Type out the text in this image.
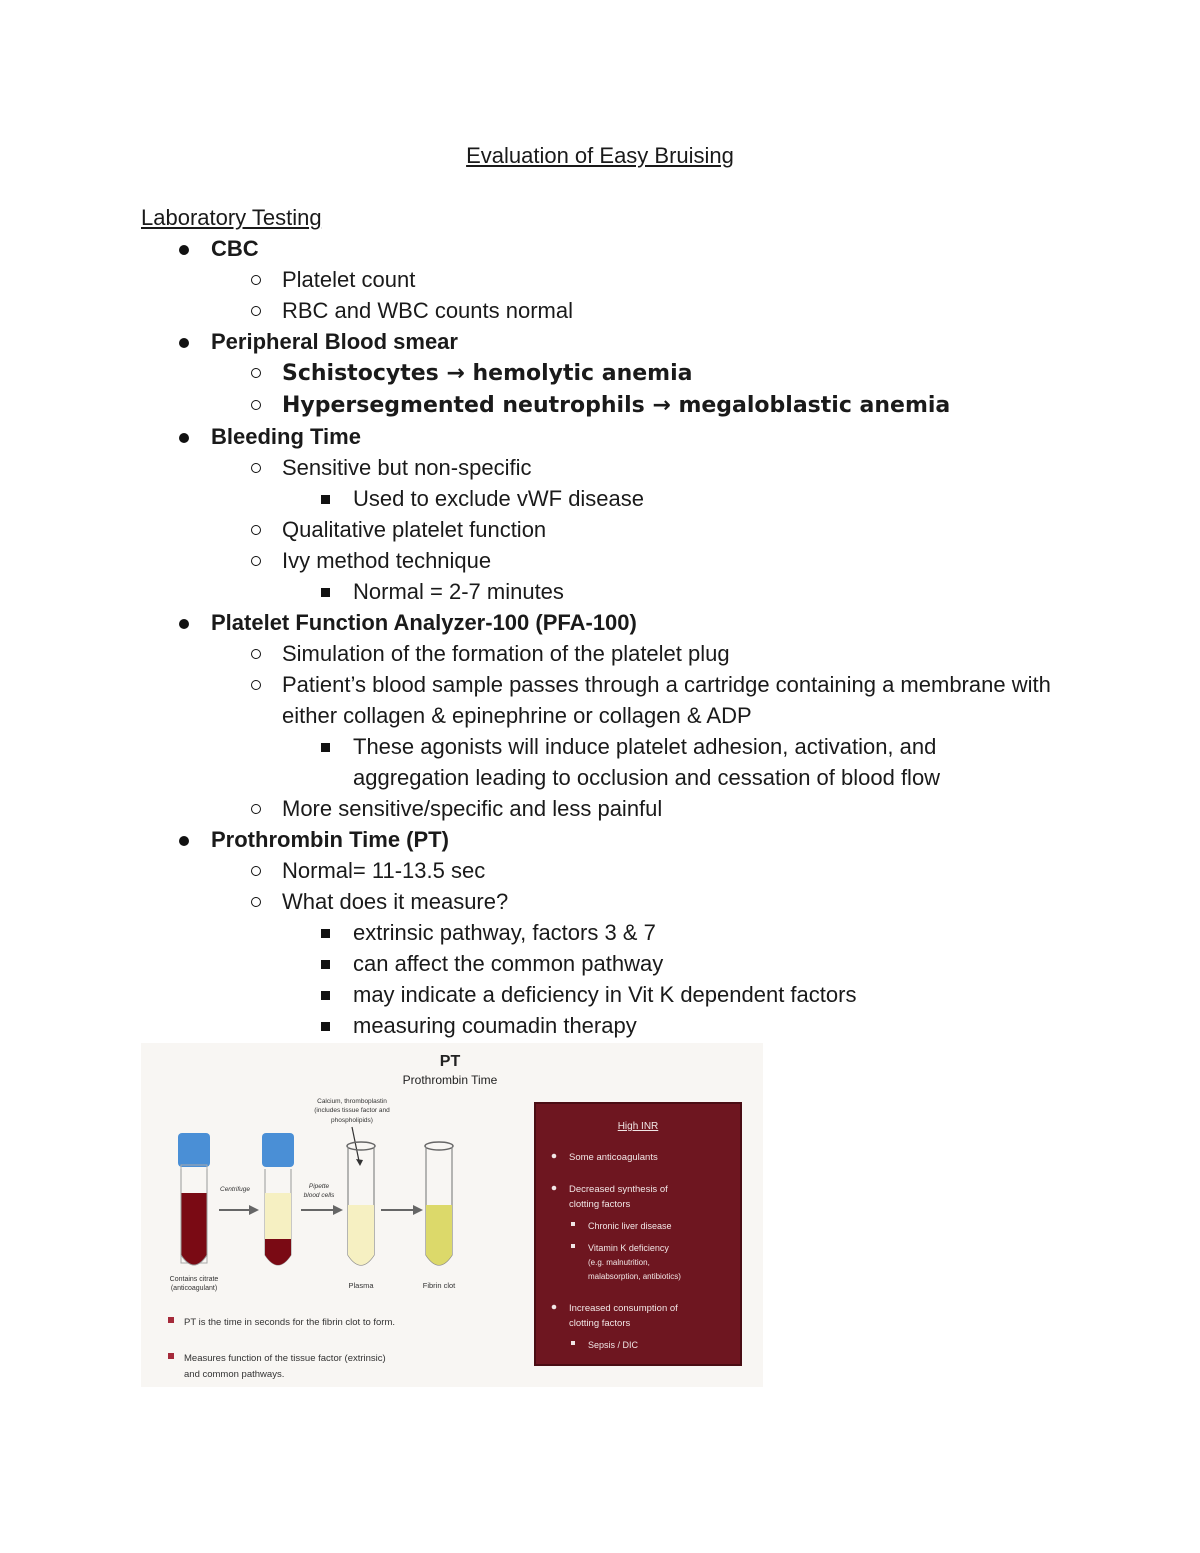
Evaluation of Easy Bruising
Laboratory Testing
CBC
Platelet count
RBC and WBC counts normal
Peripheral Blood smear
Schistocytes → hemolytic anemia
Hypersegmented neutrophils → megaloblastic anemia
Bleeding Time
Sensitive but non-specific
Used to exclude vWF disease
Qualitative platelet function
Ivy method technique
Normal = 2-7 minutes
Platelet Function Analyzer-100 (PFA-100)
Simulation of the formation of the platelet plug
Patient’s blood sample passes through a cartridge containing a membrane with either collagen & epinephrine or collagen & ADP
These agonists will induce platelet adhesion, activation, and aggregation leading to occlusion and cessation of blood flow
More sensitive/specific and less painful
Prothrombin Time (PT)
Normal= 11-13.5 sec
What does it measure?
extrinsic pathway, factors 3 & 7
can affect the common pathway
may indicate a deficiency in Vit K dependent factors
measuring coumadin therapy
PT
Prothrombin Time
Calcium, thromboplastin
(includes tissue factor and
phospholipids)
Contains citrate
(anticoagulant)
Centrifuge	Pipette
blood cells
Plasma	Fibrin clot
PT is the time in seconds for the fibrin clot to form.
Measures function of the tissue factor (extrinsic)
and common pathways.
High INR
Some anticoagulants
Decreased synthesis of
clotting factors
Chronic liver disease
Vitamin K deficiency
(e.g. malnutrition,
malabsorption, antibiotics)
Increased consumption of
clotting factors
Sepsis / DIC
